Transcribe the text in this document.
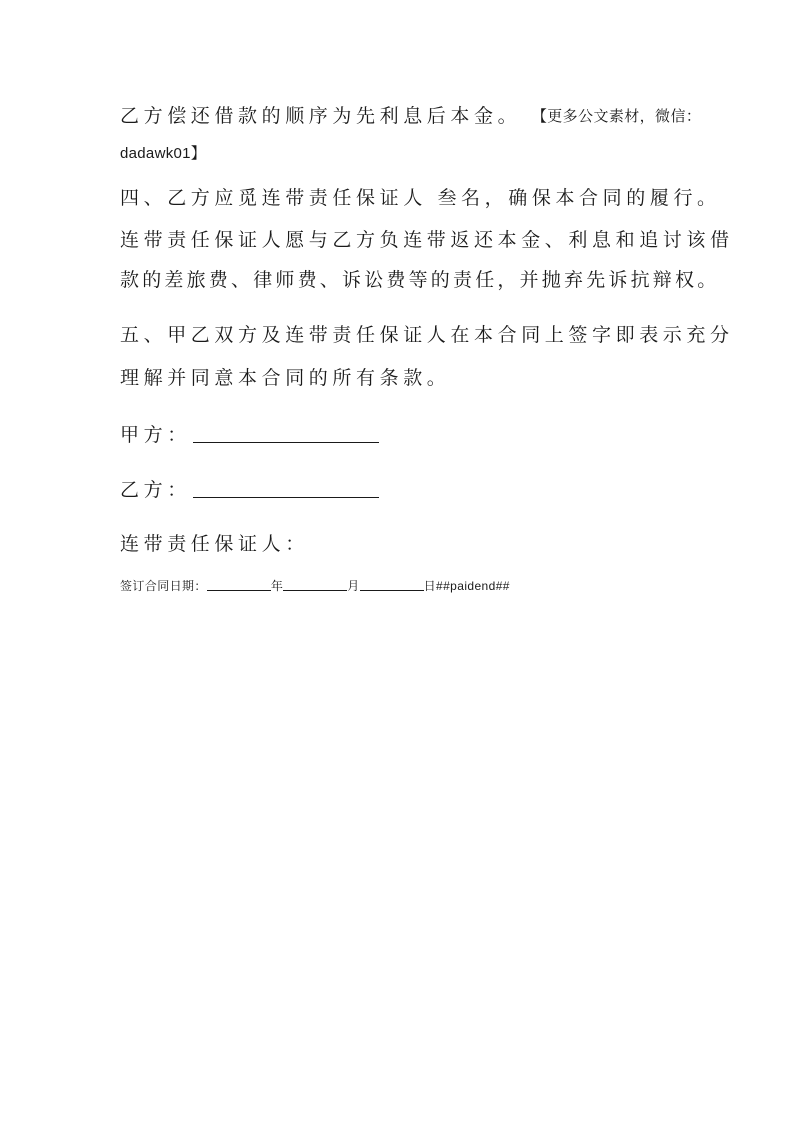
乙方偿还借款的顺序为先利息后本金。 【更多公文素材，微信：
dadawk01】
四、乙方应觅连带责任保证人 叁名，确保本合同的履行。
连带责任保证人愿与乙方负连带返还本金、利息和追讨该借
款的差旅费、律师费、诉讼费等的责任，并抛弃先诉抗辩权。
五、甲乙双方及连带责任保证人在本合同上签字即表示充分
理解并同意本合同的所有条款。
甲方：
乙方：
连带责任保证人：
签订合同日期：	年	月	日##paidend##
